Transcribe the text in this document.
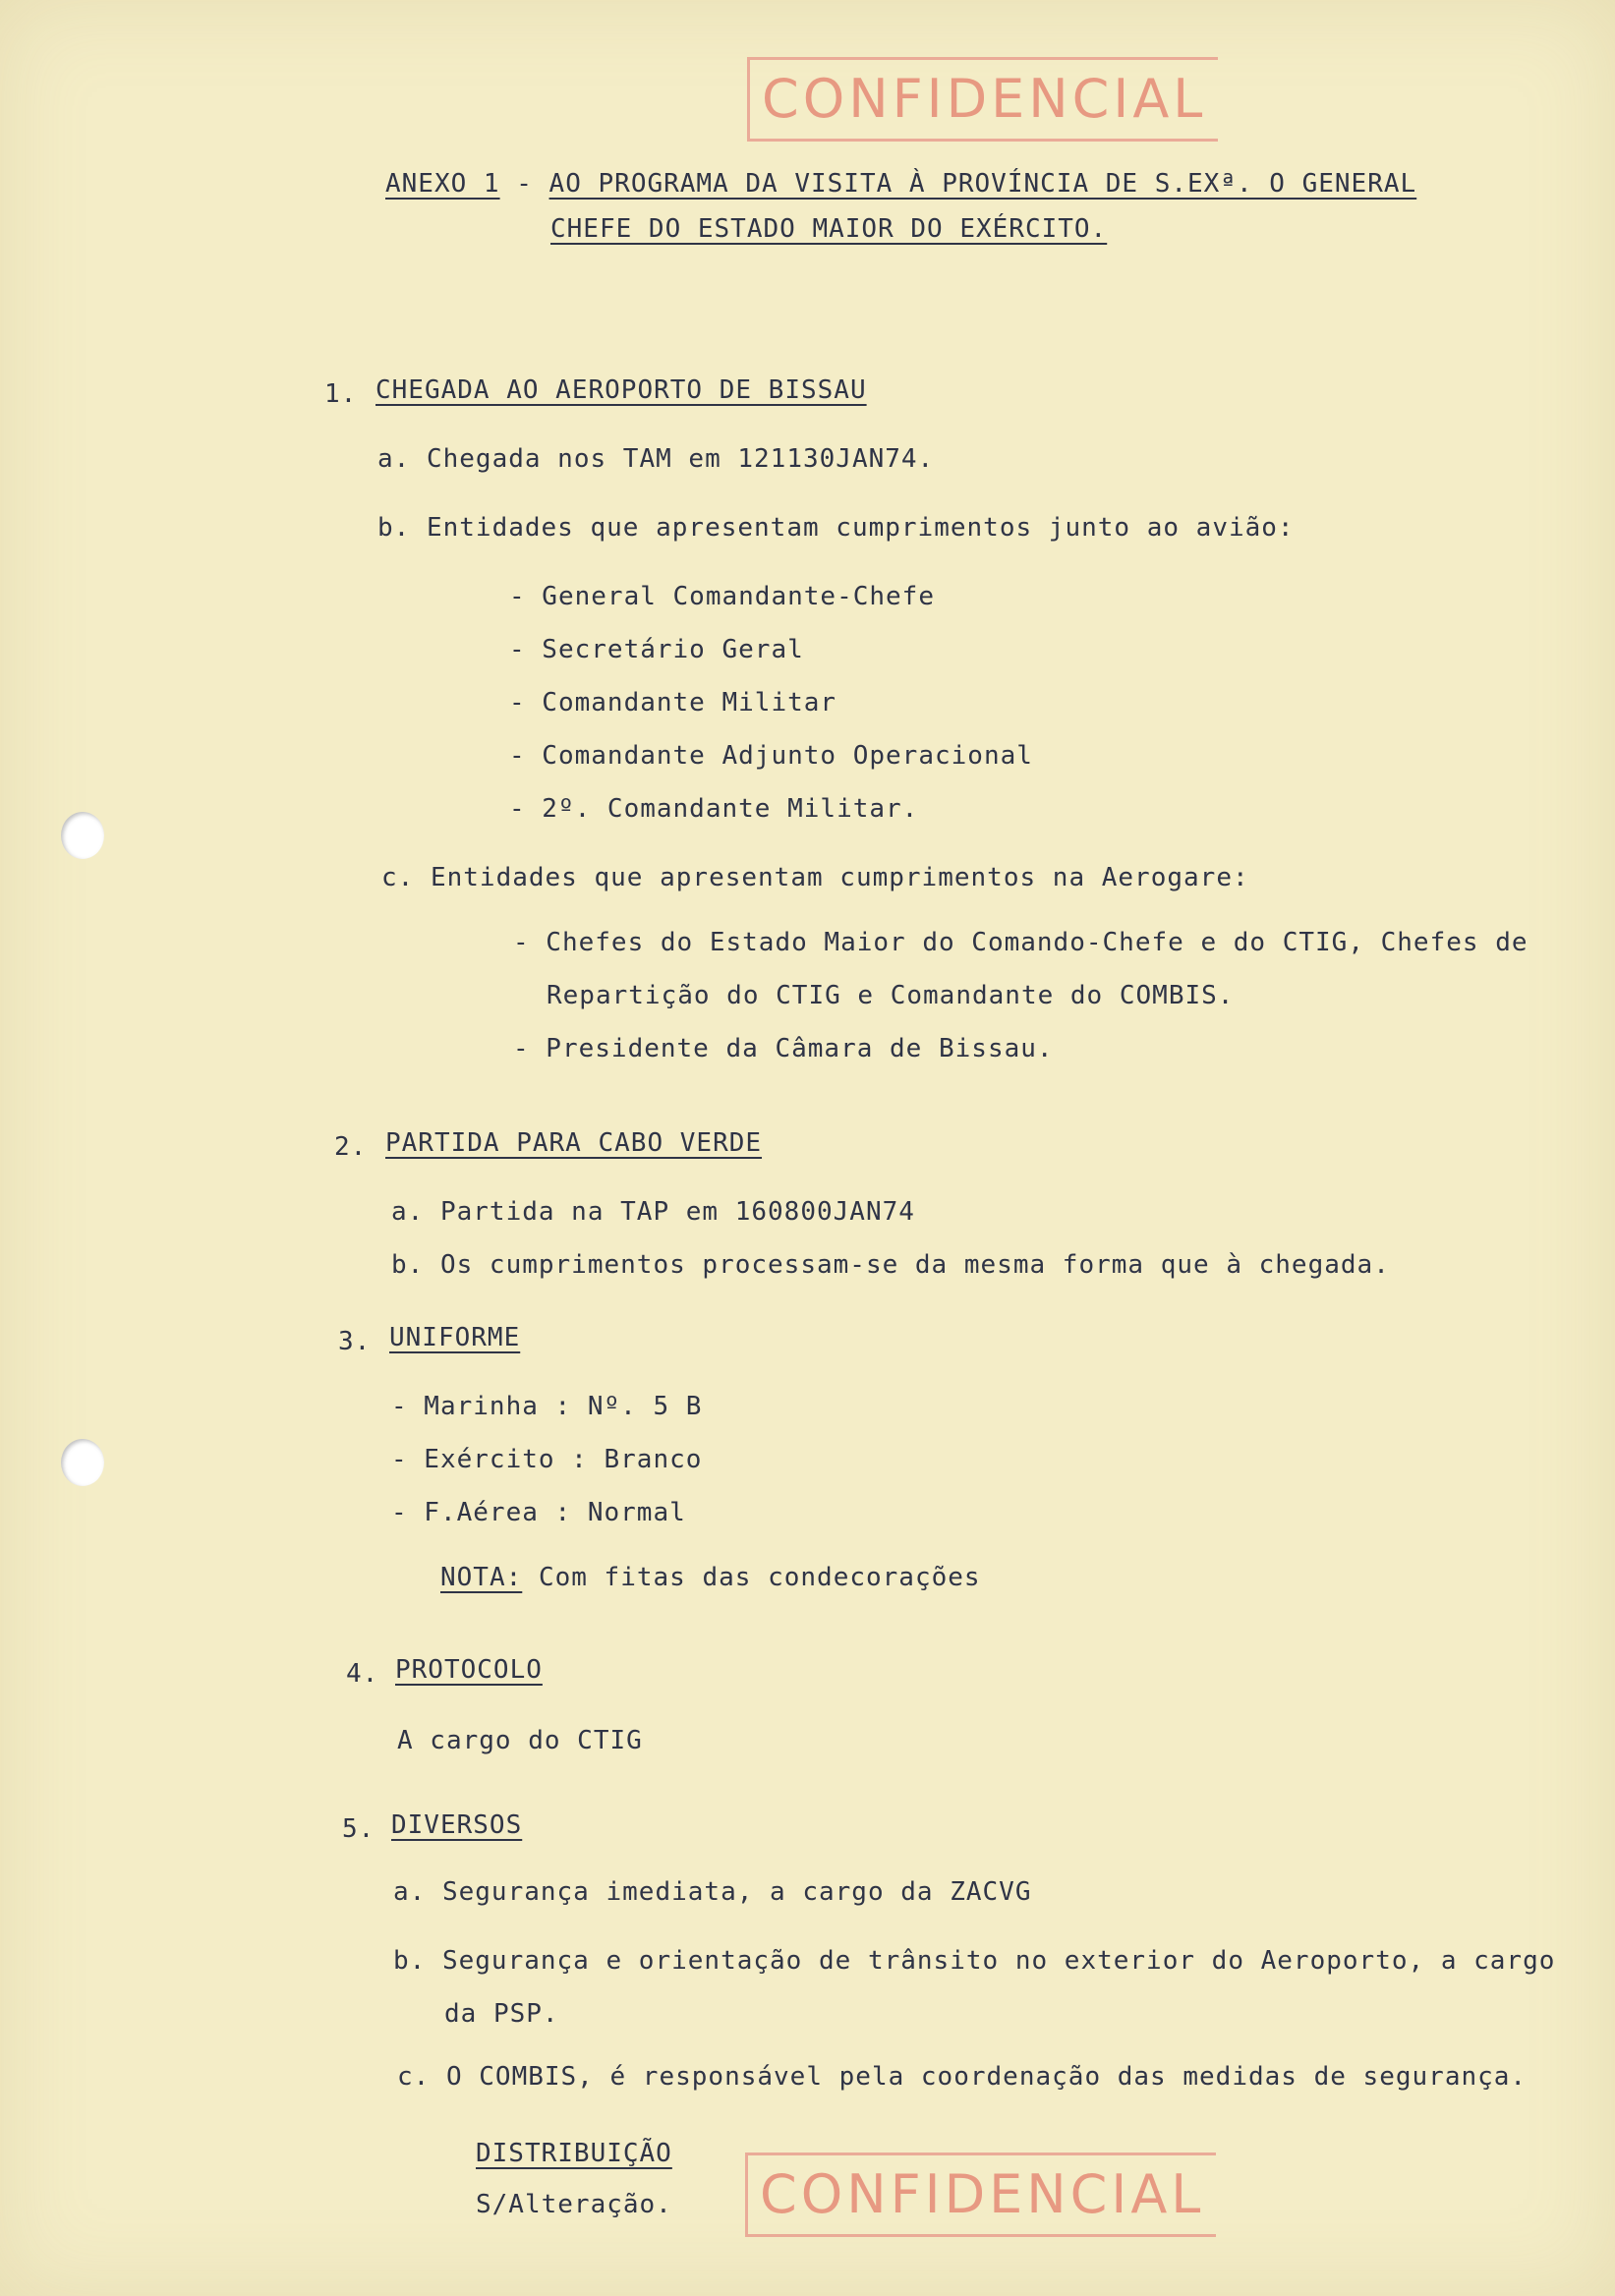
CONFIDENCIAL
ANEXO 1 - AO PROGRAMA DA VISITA À PROVÍNCIA DE S.EXª. O GENERAL
CHEFE DO ESTADO MAIOR DO EXÉRCITO.
1. CHEGADA AO AEROPORTO DE BISSAU
a. Chegada nos TAM em 121130JAN74.
b. Entidades que apresentam cumprimentos junto ao avião:
- General Comandante-Chefe
- Secretário Geral
- Comandante Militar
- Comandante Adjunto Operacional
- 2º. Comandante Militar.
c. Entidades que apresentam cumprimentos na Aerogare:
- Chefes do Estado Maior do Comando-Chefe e do CTIG, Chefes de
Repartição do CTIG e Comandante do COMBIS.
- Presidente da Câmara de Bissau.
2. PARTIDA PARA CABO VERDE
a. Partida na TAP em 160800JAN74
b. Os cumprimentos processam-se da mesma forma que à chegada.
3. UNIFORME
- Marinha : Nº. 5 B
- Exército : Branco
- F.Aérea : Normal
NOTA: Com fitas das condecorações
4. PROTOCOLO
A cargo do CTIG
5. DIVERSOS
a. Segurança imediata, a cargo da ZACVG
b. Segurança e orientação de trânsito no exterior do Aeroporto, a cargo
da PSP.
c. O COMBIS, é responsável pela coordenação das medidas de segurança.
DISTRIBUIÇÃO
S/Alteração. CONFIDENCIAL
